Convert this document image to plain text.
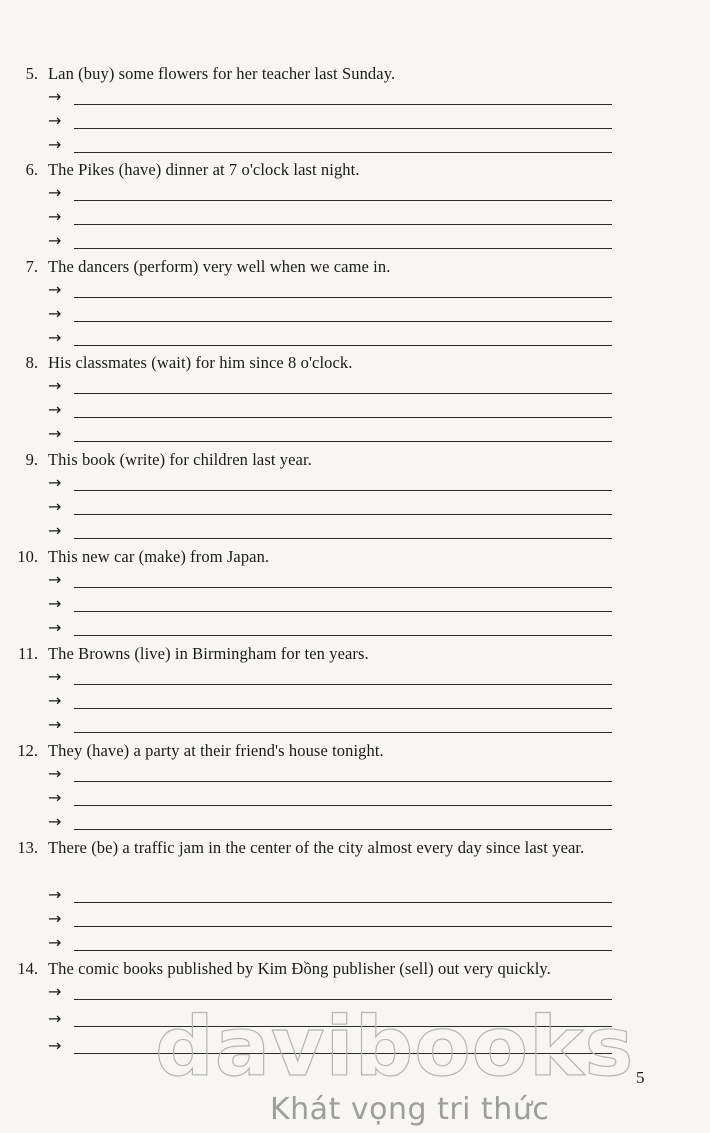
5. Lan (buy) some flowers for her teacher last Sunday.
→
→
→
6. The Pikes (have) dinner at 7 o'clock last night.
→
→
→
7. The dancers (perform) very well when we came in.
→
→
→
8. His classmates (wait) for him since 8 o'clock.
→
→
→
9. This book (write) for children last year.
→
→
→
10. This new car (make) from Japan.
→
→
→
11. The Browns (live) in Birmingham for ten years.
→
→
→
12. They (have) a party at their friend's house tonight.
→
→
→
13. There (be) a traffic jam in the center of the city almost every day since last year.
→
→
→
14. The comic books published by Kim Đồng publisher (sell) out very quickly.
→
→
→ davibooks
Khát vọng tri thức
5
